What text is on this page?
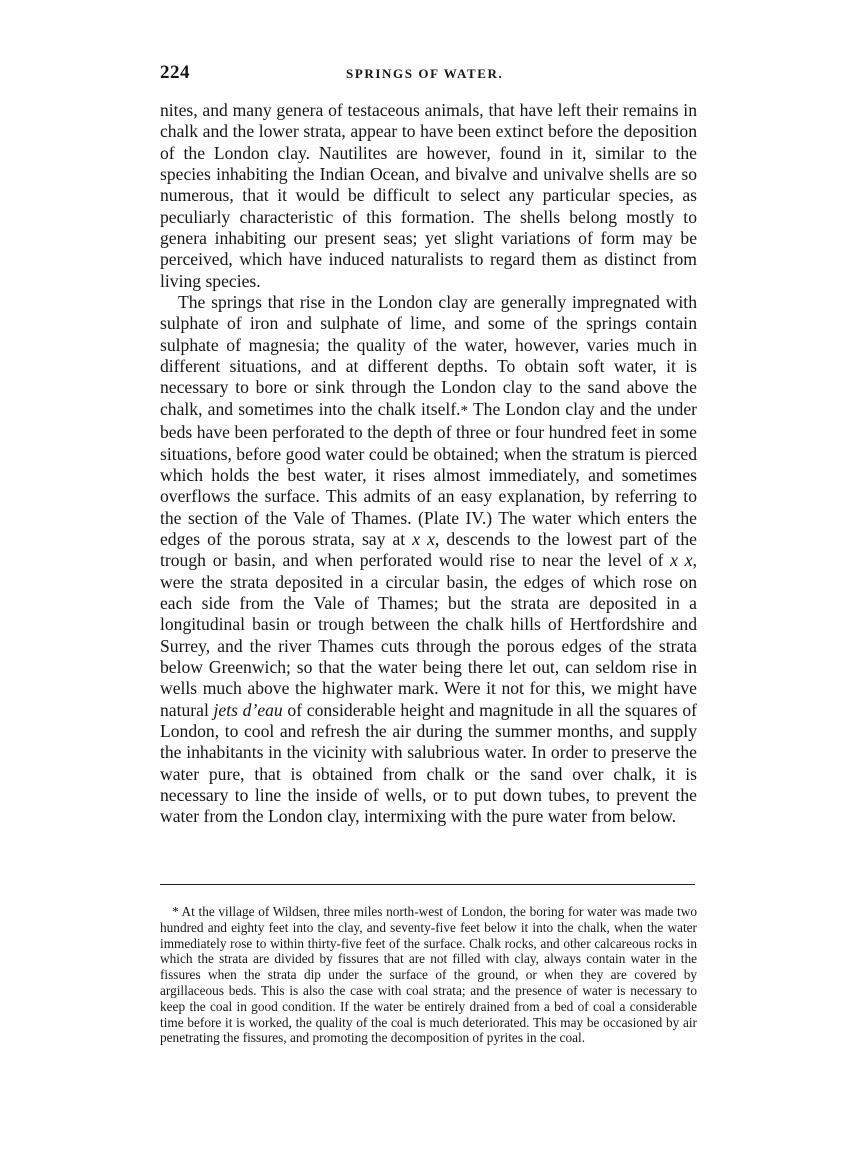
224	SPRINGS OF WATER.

nites, and many genera of testaceous animals, that have left their remains in chalk and the lower strata, appear to have been extinct before the deposition of the London clay. Nautilites are however, found in it, similar to the species inhabiting the Indian Ocean, and bivalve and univalve shells are so numerous, that it would be difficult to select any particular species, as peculiarly characteristic of this formation. The shells belong mostly to genera inhabiting our present seas; yet slight variations of form may be perceived, which have induced naturalists to regard them as distinct from living species.

The springs that rise in the London clay are generally impregnated with sulphate of iron and sulphate of lime, and some of the springs contain sulphate of magnesia; the quality of the water, however, varies much in different situations, and at different depths. To obtain soft water, it is necessary to bore or sink through the London clay to the sand above the chalk, and sometimes into the chalk itself.* The London clay and the under beds have been perforated to the depth of three or four hundred feet in some situations, before good water could be obtained; when the stratum is pierced which holds the best water, it rises almost immediately, and sometimes overflows the surface. This admits of an easy explanation, by referring to the section of the Vale of Thames. (Plate IV.) The water which enters the edges of the porous strata, say at x x, descends to the lowest part of the trough or basin, and when perforated would rise to near the level of x x, were the strata deposited in a circular basin, the edges of which rose on each side from the Vale of Thames; but the strata are deposited in a longitudinal basin or trough between the chalk hills of Hertfordshire and Surrey, and the river Thames cuts through the porous edges of the strata below Greenwich; so that the water being there let out, can seldom rise in wells much above the highwater mark. Were it not for this, we might have natural jets d’eau of considerable height and magnitude in all the squares of London, to cool and refresh the air during the summer months, and supply the inhabitants in the vicinity with salubrious water. In order to preserve the water pure, that is obtained from chalk or the sand over chalk, it is necessary to line the inside of wells, or to put down tubes, to prevent the water from the London clay, intermixing with the pure water from below.

* At the village of Wildsen, three miles north-west of London, the boring for water was made two hundred and eighty feet into the clay, and seventy-five feet below it into the chalk, when the water immediately rose to within thirty-five feet of the surface. Chalk rocks, and other calcareous rocks in which the strata are divided by fissures that are not filled with clay, always contain water in the fissures when the strata dip under the surface of the ground, or when they are covered by argillaceous beds. This is also the case with coal strata; and the presence of water is necessary to keep the coal in good condition. If the water be entirely drained from a bed of coal a considerable time before it is worked, the quality of the coal is much deteriorated. This may be occasioned by air penetrating the fissures, and promoting the decomposition of pyrites in the coal.
